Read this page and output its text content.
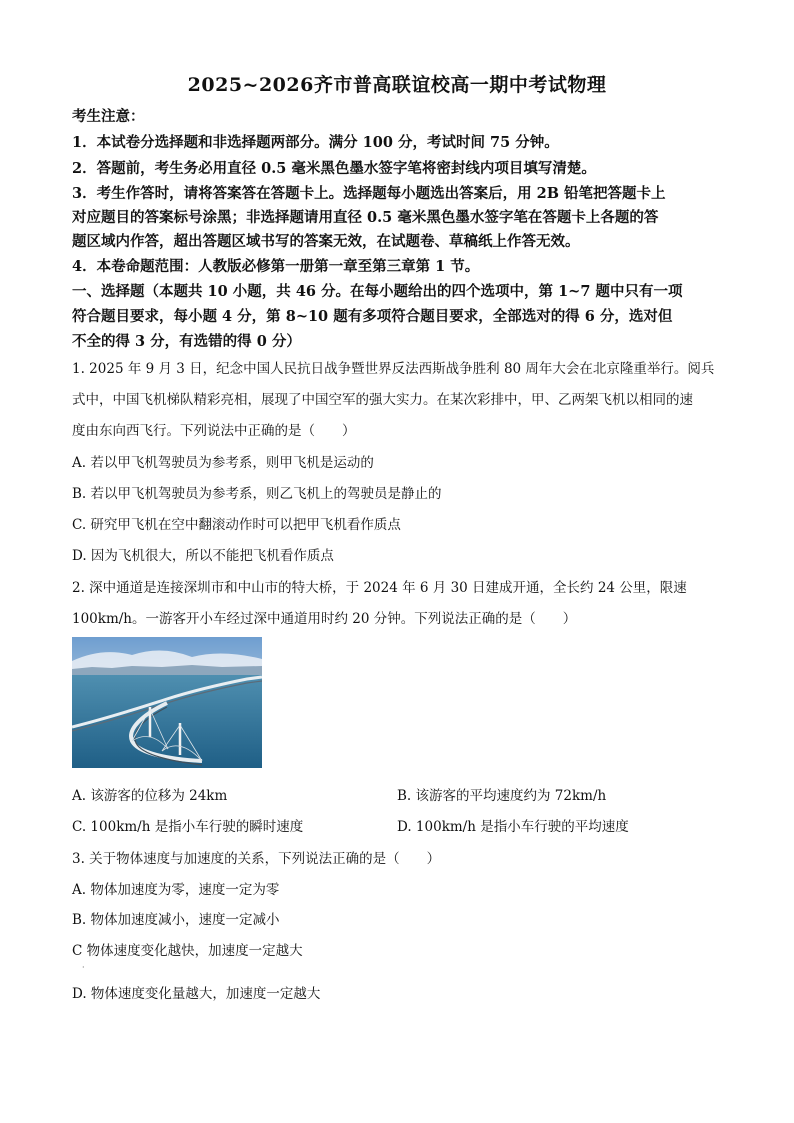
2025~2026齐市普高联谊校高一期中考试物理
考生注意：
1．本试卷分选择题和非选择题两部分。满分 100 分，考试时间 75 分钟。
2．答题前，考生务必用直径 0.5 毫米黑色墨水签字笔将密封线内项目填写清楚。
3．考生作答时，请将答案答在答题卡上。选择题每小题选出答案后，用 2B 铅笔把答题卡上
对应题目的答案标号涂黑；非选择题请用直径 0.5 毫米黑色墨水签字笔在答题卡上各题的答
题区域内作答，超出答题区域书写的答案无效，在试题卷、草稿纸上作答无效。
4．本卷命题范围：人教版必修第一册第一章至第三章第 1 节。
一、选择题（本题共 10 小题，共 46 分。在每小题给出的四个选项中，第 1~7 题中只有一项
符合题目要求，每小题 4 分，第 8~10 题有多项符合题目要求，全部选对的得 6 分，选对但
不全的得 3 分，有选错的得 0 分）
1. 2025 年 9 月 3 日，纪念中国人民抗日战争暨世界反法西斯战争胜利 80 周年大会在北京隆重举行。阅兵
式中，中国飞机梯队精彩亮相，展现了中国空军的强大实力。在某次彩排中，甲、乙两架飞机以相同的速
度由东向西飞行。下列说法中正确的是（　　）
A. 若以甲飞机驾驶员为参考系，则甲飞机是运动的
B. 若以甲飞机驾驶员为参考系，则乙飞机上的驾驶员是静止的
C. 研究甲飞机在空中翻滚动作时可以把甲飞机看作质点
D. 因为飞机很大，所以不能把飞机看作质点
2. 深中通道是连接深圳市和中山市的特大桥，于 2024 年 6 月 30 日建成开通，全长约 24 公里，限速
100km/h。一游客开小车经过深中通道用时约 20 分钟。下列说法正确的是（　　）
A. 该游客的位移为 24km	B. 该游客的平均速度约为 72km/h
C. 100km/h 是指小车行驶的瞬时速度	D. 100km/h 是指小车行驶的平均速度
3. 关于物体速度与加速度的关系，下列说法正确的是（　　）
A. 物体加速度为零，速度一定为零
B. 物体加速度减小，速度一定减小
C 物体速度变化越快，加速度一定越大
·
D. 物体速度变化量越大，加速度一定越大
